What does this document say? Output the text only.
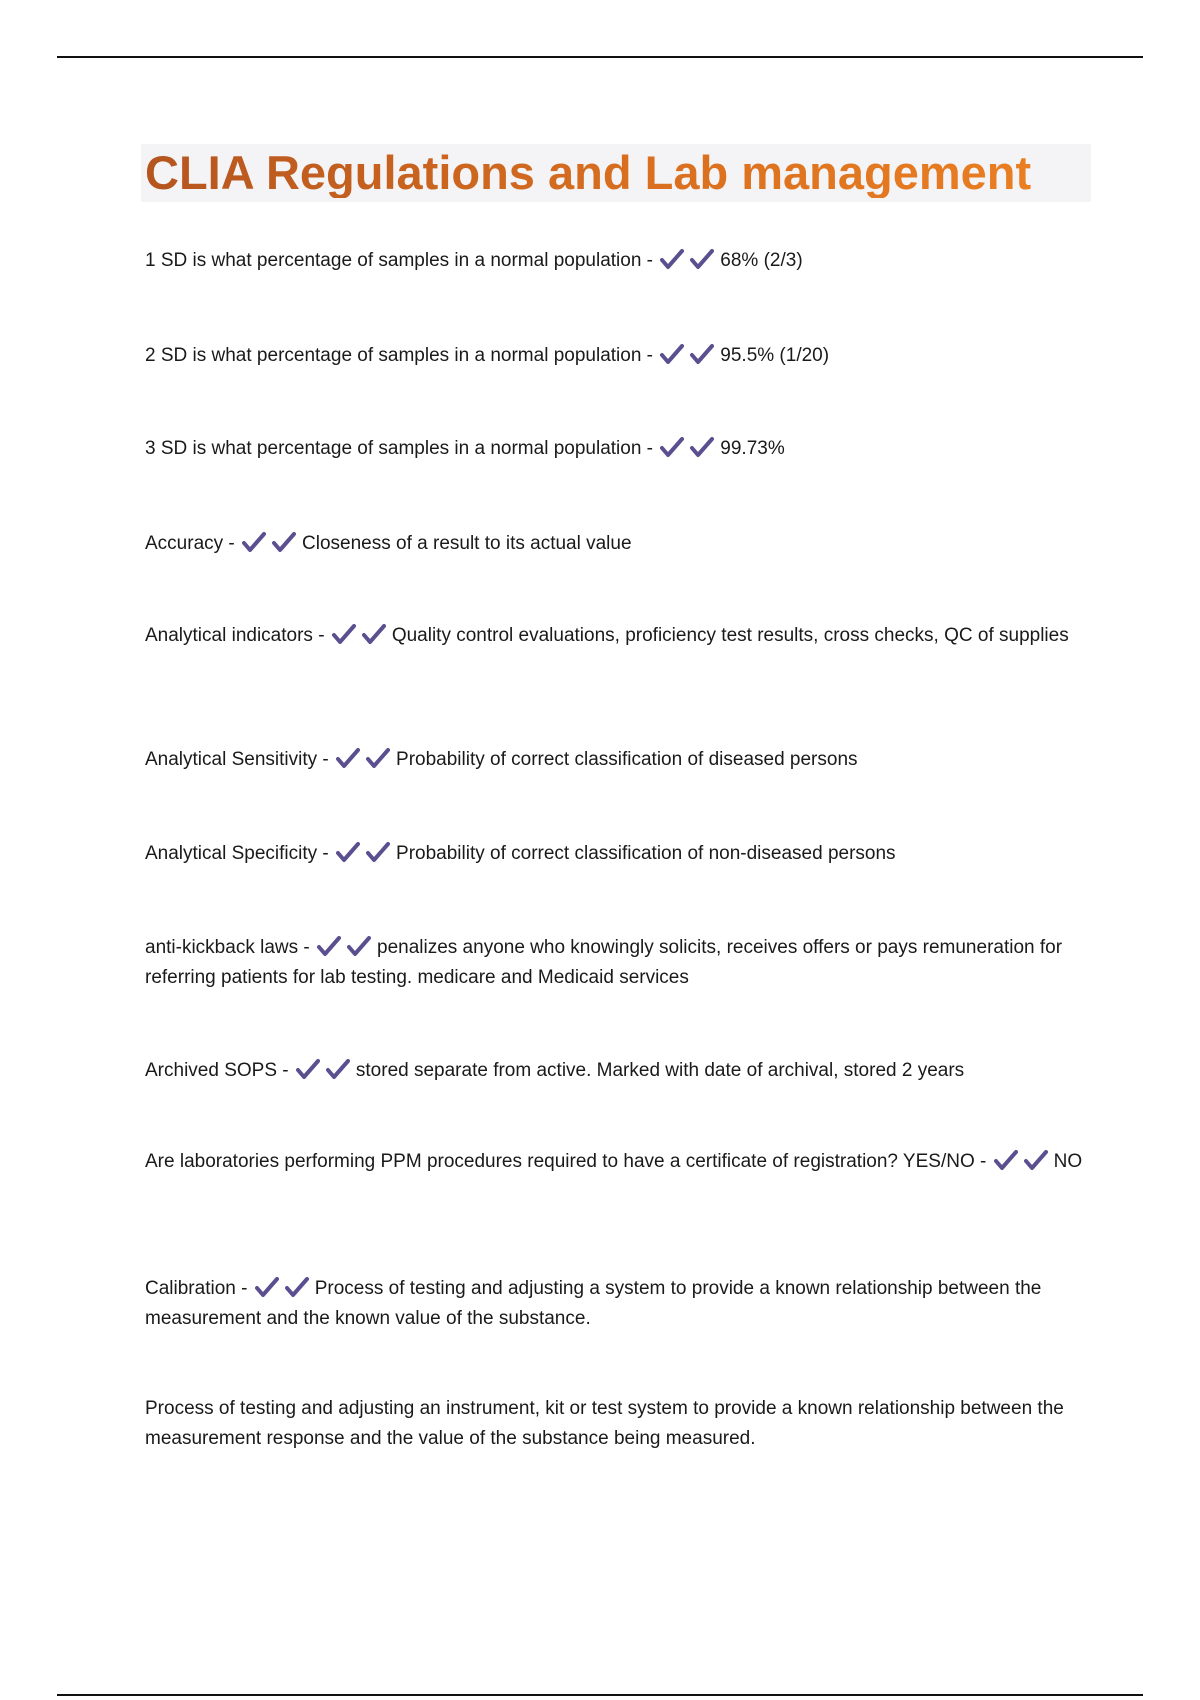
CLIA Regulations and Lab management

1 SD is what percentage of samples in a normal population -	68% (2/3)

2 SD is what percentage of samples in a normal population -	95.5% (1/20)

3 SD is what percentage of samples in a normal population -	99.73%

Accuracy -	Closeness of a result to its actual value

Analytical indicators -	Quality control evaluations, proficiency test results, cross checks, QC of supplies

Analytical Sensitivity -	Probability of correct classification of diseased persons

Analytical Specificity -	Probability of correct classification of non-diseased persons

anti-kickback laws -	penalizes anyone who knowingly solicits, receives offers or pays remuneration for referring patients for lab testing. medicare and Medicaid services

Archived SOPS -	stored separate from active. Marked with date of archival, stored 2 years

Are laboratories performing PPM procedures required to have a certificate of registration? YES/NO -	NO

Calibration -	Process of testing and adjusting a system to provide a known relationship between the measurement and the known value of the substance.

Process of testing and adjusting an instrument, kit or test system to provide a known relationship between the measurement response and the value of the substance being measured.
